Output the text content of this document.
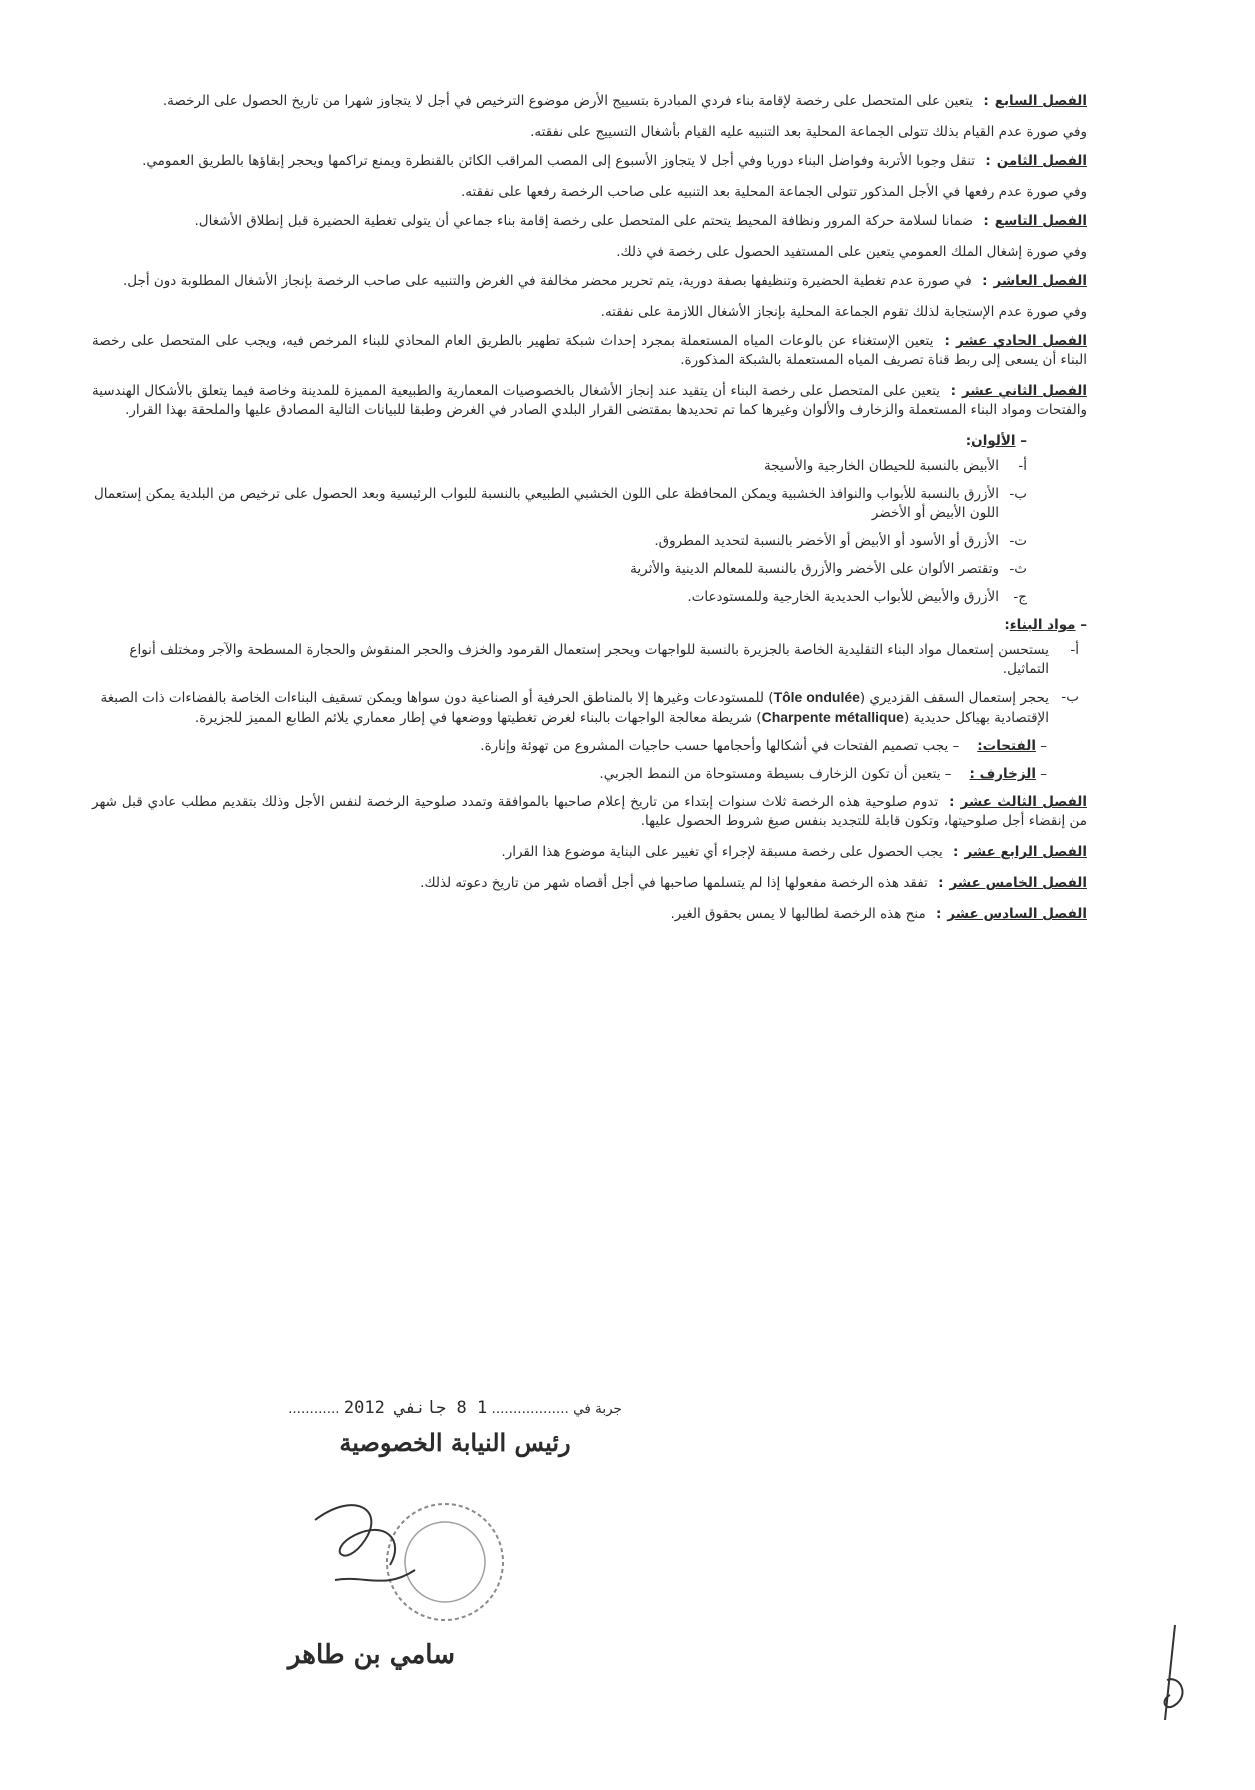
الفصل السابع: يتعين على المتحصل على رخصة لإقامة بناء فردي المبادرة بتسييج الأرض موضوع الترخيص في أجل لا يتجاوز شهرا من تاريخ الحصول على الرخصة.

وفي صورة عدم القيام بذلك تتولى الجماعة المحلية بعد التنبيه عليه القيام بأشغال التسييج على نفقته.

الفصل الثامن: تنقل وجوبا الأتربة وفواضل البناء دوريا وفي أجل لا يتجاوز الأسبوع إلى المصب المراقب الكائن بالقنطرة ويمنع تراكمها ويحجر إبقاؤها بالطريق العمومي.

وفي صورة عدم رفعها في الأجل المذكور تتولى الجماعة المحلية بعد التنبيه على صاحب الرخصة رفعها على نفقته.

الفصل التاسع: ضمانا لسلامة حركة المرور ونظافة المحيط يتحتم على المتحصل على رخصة إقامة بناء جماعي أن يتولى تغطية الحضيرة قبل إنطلاق الأشغال.

وفي صورة إشغال الملك العمومي يتعين على المستفيد الحصول على رخصة في ذلك.

الفصل العاشر: في صورة عدم تغطية الحضيرة وتنظيفها بصفة دورية، يتم تحرير محضر مخالفة في الغرض والتنبيه على صاحب الرخصة بإنجاز الأشغال المطلوبة دون أجل.

وفي صورة عدم الإستجابة لذلك تقوم الجماعة المحلية بإنجاز الأشغال اللازمة على نفقته.

الفصل الحادي عشر: يتعين الإستغناء عن بالوعات المياه المستعملة بمجرد إحداث شبكة تطهير بالطريق العام المحاذي للبناء المرخص فيه، ويجب على المتحصل على رخصة البناء أن يسعى إلى ربط قناة تصريف المياه المستعملة بالشبكة المذكورة.

الفصل الثاني عشر: يتعين على المتحصل على رخصة البناء أن يتقيد عند إنجاز الأشغال بالخصوصيات المعمارية والطبيعية المميزة للمدينة وخاصة فيما يتعلق بالأشكال الهندسية والفتحات ومواد البناء المستعملة والزخارف والألوان وغيرها كما تم تحديدها بمقتضى القرار البلدي الصادر في الغرض وطبقا للبيانات التالية المصادق عليها والملحقة بهذا القرار.

– الألوان:
أ-
الأبيض بالنسبة للحيطان الخارجية والأسيجة
ب-
الأزرق بالنسبة للأبواب والنوافذ الخشبية ويمكن المحافظة على اللون الخشبي الطبيعي بالنسبة للبواب الرئيسية وبعد الحصول على ترخيص من البلدية يمكن إستعمال اللون الأبيض أو الأخضر
ت-
الأزرق أو الأسود أو الأبيض أو الأخضر بالنسبة لتحديد المطروق.
ث-
وتقتصر الألوان على الأخضر والأزرق بالنسبة للمعالم الدينية والأثرية
ج-
الأزرق والأبيض للأبواب الحديدية الخارجية وللمستودعات.
– مواد البناء:
أ-
يستحسن إستعمال مواد البناء التقليدية الخاصة بالجزيرة بالنسبة للواجهات ويحجر إستعمال القرمود والخزف والحجر المنقوش والحجارة المسطحة والآجر ومختلف أنواع التماثيل.
ب-
يحجر إستعمال السقف القزديري (Tôle ondulée) للمستودعات وغيرها إلا بالمناطق الحرفية أو الصناعية دون سواها ويمكن تسقيف البناءات الخاصة بالفضاءات ذات الصبغة الإقتصادية بهياكل حديدية (Charpente métallique) شريطة معالجة الواجهات بالبناء لغرض تغطيتها ووضعها في إطار معماري يلائم الطابع المميز للجزيرة.
– الفتحات:– يجب تصميم الفتحات في أشكالها وأحجامها حسب حاجيات المشروع من تهوئة وإنارة.
– الزخارف :– يتعين أن تكون الزخارف بسيطة ومستوحاة من النمط الجربي.

الفصل الثالث عشر: تدوم صلوحية هذه الرخصة ثلاث سنوات إبتداء من تاريخ إعلام صاحبها بالموافقة وتمدد صلوحية الرخصة لنفس الأجل وذلك بتقديم مطلب عادي قبل شهر من إنقضاء أجل صلوحيتها، وتكون قابلة للتجديد بنفس صيغ شروط الحصول عليها.

الفصل الرابع عشر: يجب الحصول على رخصة مسبقة لإجراء أي تغيير على البناية موضوع هذا القرار.

الفصل الخامس عشر: تفقد هذه الرخصة مفعولها إذا لم يتسلمها صاحبها في أجل أقصاه شهر من تاريخ دعوته لذلك.

الفصل السادس عشر: منح هذه الرخصة لطالبها لا يمس بحقوق الغير.

جربة في .................. 1 8 جانفي 2012 ............
رئيس النيابة الخصوصية
سامي بن طاهر
